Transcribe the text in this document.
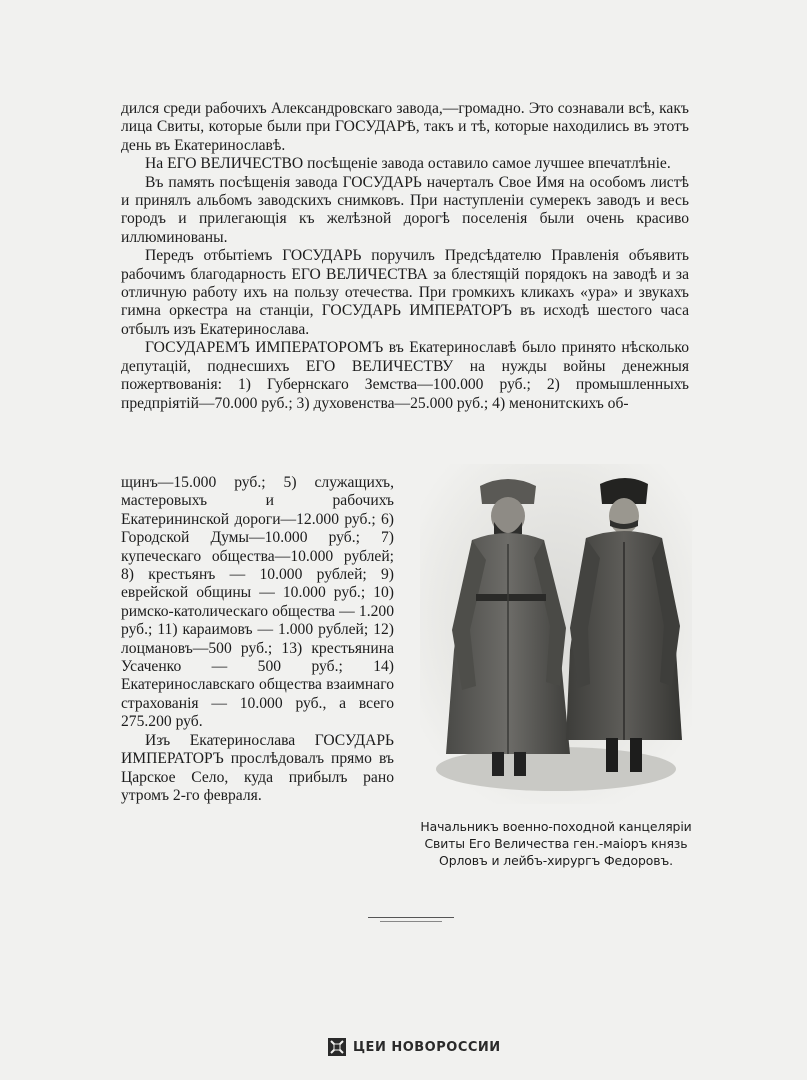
дился среди рабочихъ Александровскаго завода,—громадно. Это сознавали всѣ, какъ лица Свиты, которые были при ГОСУДАРѢ, такъ и тѣ, которые находились въ этотъ день въ Екатеринославѣ.

На ЕГО ВЕЛИЧЕСТВО посѣщеніе завода оставило самое лучшее впечатлѣніе.

Въ память посѣщенія завода ГОСУДАРЬ начерталъ Свое Имя на особомъ листѣ и принялъ альбомъ заводскихъ снимковъ. При наступленіи сумерекъ заводъ и весь городъ и прилегающія къ желѣзной дорогѣ поселенія были очень красиво иллюминованы.

Передъ отбытіемъ ГОСУДАРЬ поручилъ Предсѣдателю Правленія объявить рабочимъ благодарность ЕГО ВЕЛИЧЕСТВА за блестящій порядокъ на заводѣ и за отличную работу ихъ на пользу отечества. При громкихъ кликахъ «ура» и звукахъ гимна оркестра на станціи, ГОСУДАРЬ ИМПЕРАТОРЪ въ исходѣ шестого часа отбылъ изъ Екатеринослава.

ГОСУДАРЕМЪ ИМПЕРАТОРОМЪ въ Екатеринославѣ было принято нѣсколько депутацій, поднесшихъ ЕГО ВЕЛИЧЕСТВУ на нужды войны денежныя пожертвованія: 1) Губернскаго Земства—100.000 руб.; 2) промышленныхъ предпріятій—70.000 руб.; 3) духовенства—25.000 руб.; 4) менонитскихъ об-

щинъ—15.000 руб.; 5) служащихъ, мастеровыхъ и рабочихъ Екатерининской дороги—12.000 руб.; 6) Городской Думы—10.000 руб.; 7) купеческаго общества—10.000 рублей; 8) крестьянъ — 10.000 рублей; 9) еврейской общины — 10.000 руб.; 10) римско-католическаго общества — 1.200 руб.; 11) караимовъ — 1.000 рублей; 12) лоцмановъ—500 руб.; 13) крестьянина Усаченко — 500 руб.; 14) Екатеринославскаго общества взаимнаго страхованія — 10.000 руб., а всего 275.200 руб.

Изъ Екатеринослава ГОСУДАРЬ ИМПЕРАТОРЪ прослѣдовалъ прямо въ Царское Село, куда прибылъ рано утромъ 2-го февраля.

Начальникъ военно-походной канцеляріи
Свиты Его Величества ген.-маіоръ князь
Орловъ и лейбъ-хирургъ Федоровъ.
ЦЕИ НОВОРОССИИ
